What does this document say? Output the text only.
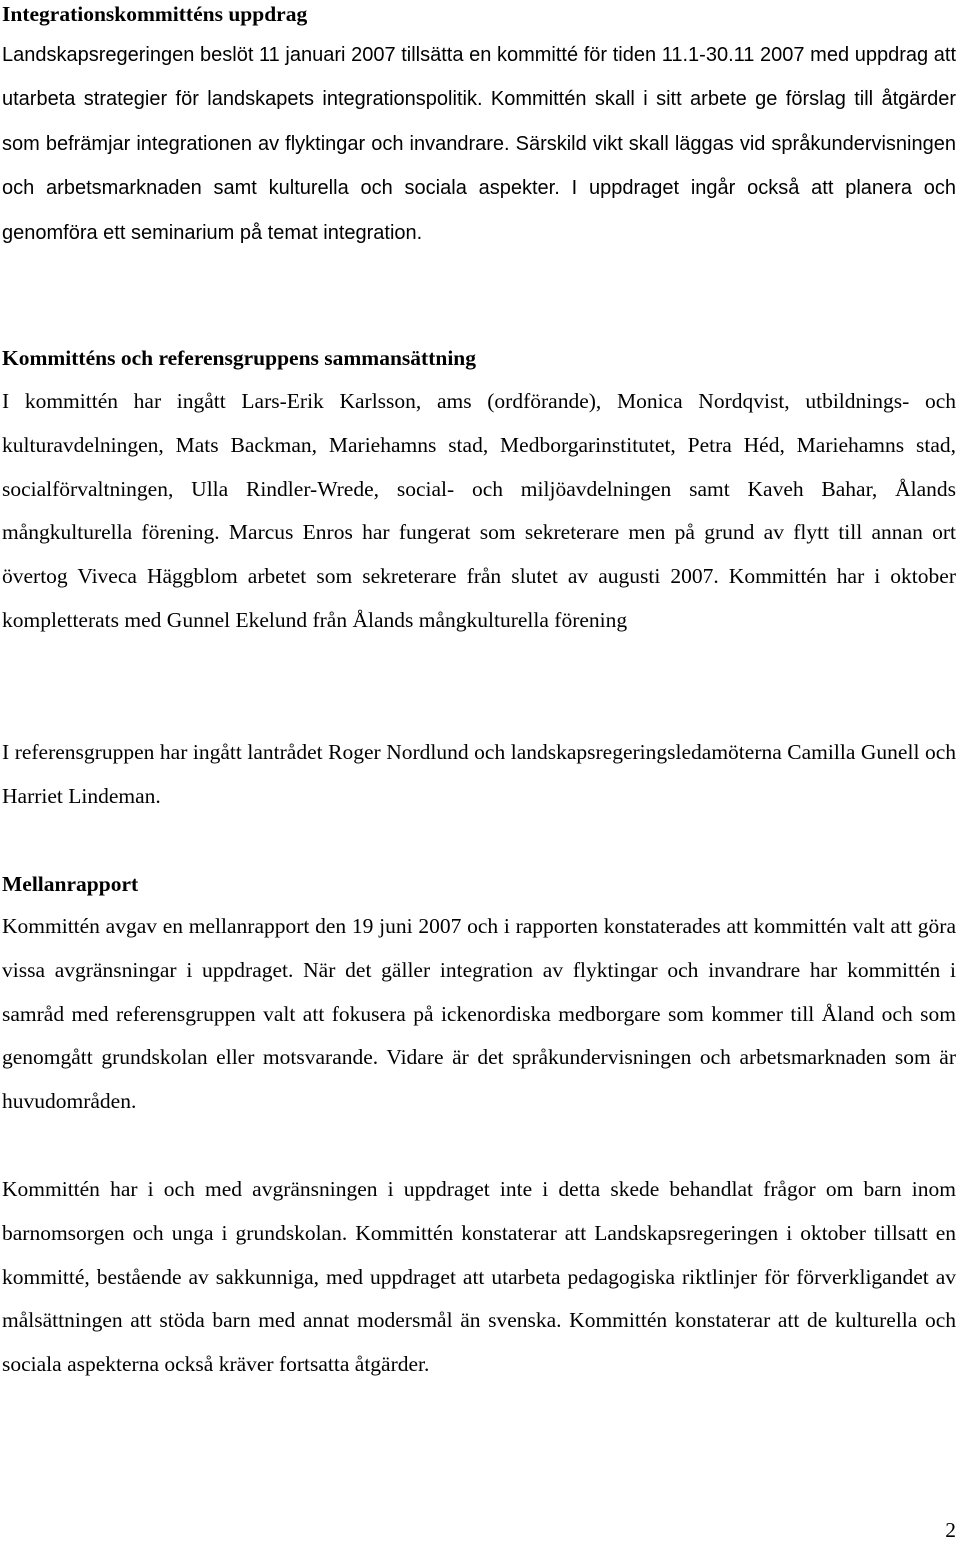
Integrationskommitténs uppdrag

Landskapsregeringen beslöt 11 januari 2007 tillsätta en kommitté för tiden 11.1-30.11 2007 med uppdrag att utarbeta strategier för landskapets integrationspolitik. Kommittén skall i sitt arbete ge förslag till åtgärder som befrämjar integrationen av flyktingar och invandrare. Särskild vikt skall läggas vid språkundervisningen och arbetsmarknaden samt kulturella och sociala aspekter. I uppdraget ingår också att planera och genomföra ett seminarium på temat integration.

Kommitténs och referensgruppens sammansättning

I kommittén har ingått Lars-Erik Karlsson, ams (ordförande), Monica Nordqvist, utbildnings- och kulturavdelningen, Mats Backman, Mariehamns stad, Medborgarinstitutet, Petra Héd, Mariehamns stad, socialförvaltningen, Ulla Rindler-Wrede, social- och miljöavdelningen samt Kaveh Bahar, Ålands mångkulturella förening. Marcus Enros har fungerat som sekreterare men på grund av flytt till annan ort övertog Viveca Häggblom arbetet som sekreterare från slutet av augusti 2007. Kommittén har i oktober kompletterats med Gunnel Ekelund från Ålands mångkulturella förening

I referensgruppen har ingått lantrådet Roger Nordlund och landskapsregeringsledamöterna Camilla Gunell och Harriet Lindeman.

Mellanrapport

Kommittén avgav en mellanrapport den 19 juni 2007 och i rapporten konstaterades att kommittén valt att göra vissa avgränsningar i uppdraget. När det gäller integration av flyktingar och invandrare har kommittén i samråd med referensgruppen valt att fokusera på ickenordiska medborgare som kommer till Åland och som genomgått grundskolan eller motsvarande. Vidare är det språkundervisningen och arbetsmarknaden som är huvudområden.

Kommittén har i och med avgränsningen i uppdraget inte i detta skede behandlat frågor om barn inom barnomsorgen och unga i grundskolan. Kommittén konstaterar att Landskapsregeringen i oktober tillsatt en kommitté, bestående av sakkunniga, med uppdraget att utarbeta pedagogiska riktlinjer för förverkligandet av målsättningen att stöda barn med annat modersmål än svenska. Kommittén konstaterar att de kulturella och sociala aspekterna också kräver fortsatta åtgärder.

2
